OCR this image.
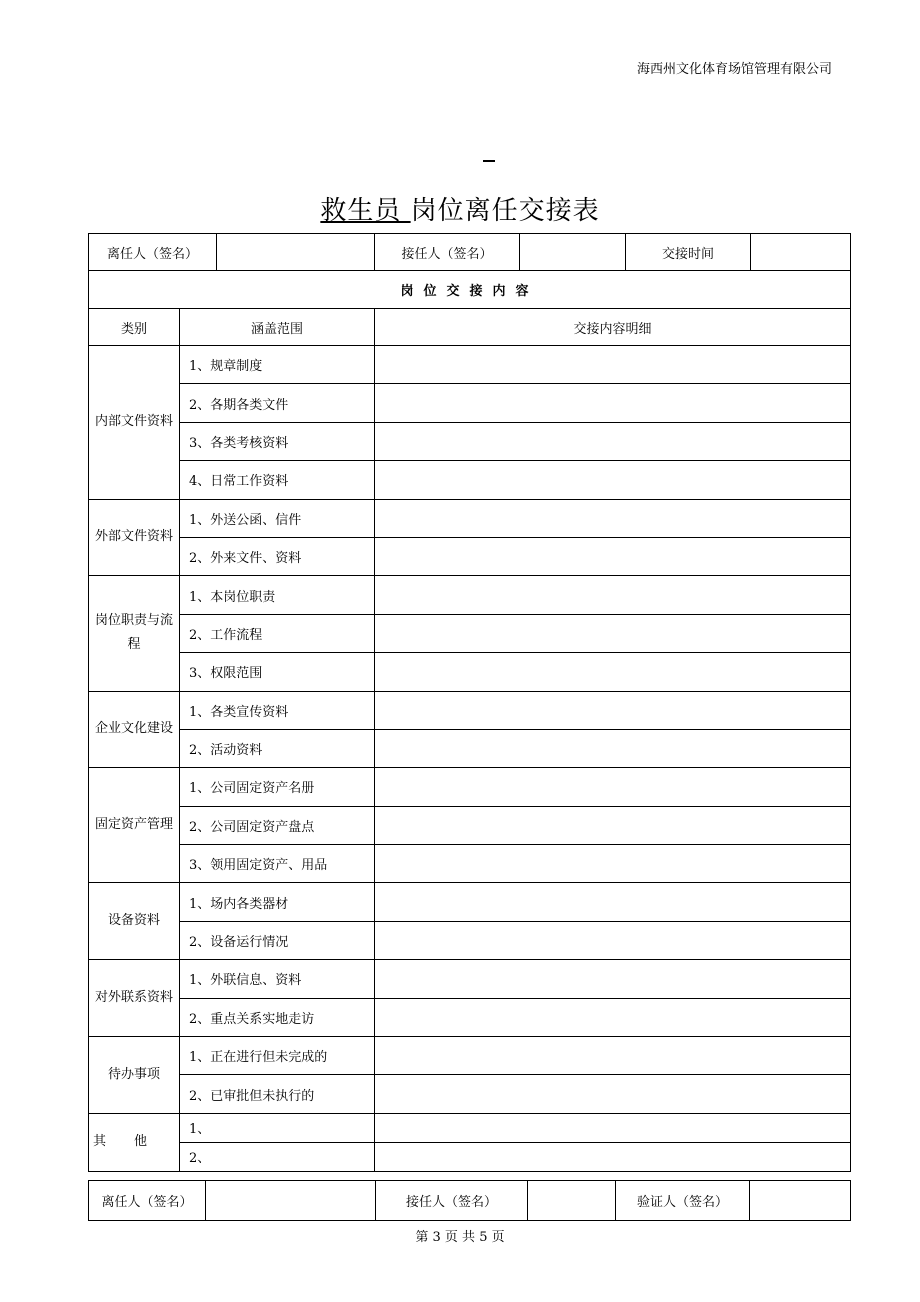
海西州文化体育场馆管理有限公司
救生员 岗位离任交接表
离任人（签名）			接任人（签名）		交接时间	
岗位交接内容						
类别	涵盖范围		交接内容明细			
内部文件资料	1、规章制度					
	2、各期各类文件					
	3、各类考核资料					
	4、日常工作资料					
外部文件资料	1、外送公函、信件					
	2、外来文件、资料					
岗位职责与流程	1、本岗位职责					
	2、工作流程					
	3、权限范围					
企业文化建设	1、各类宣传资料					
	2、活动资料					
固定资产管理	1、公司固定资产名册					
	2、公司固定资产盘点					
	3、领用固定资产、用品					
设备资料	1、场内各类器材					
	2、设备运行情况					
对外联系资料	1、外联信息、资料					
	2、重点关系实地走访					
待办事项	1、正在进行但未完成的					
	2、已审批但未执行的					
其他	1、					
	2、					
离任人（签名）		接任人（签名）		验证人（签名）	
第 3 页 共 5 页
